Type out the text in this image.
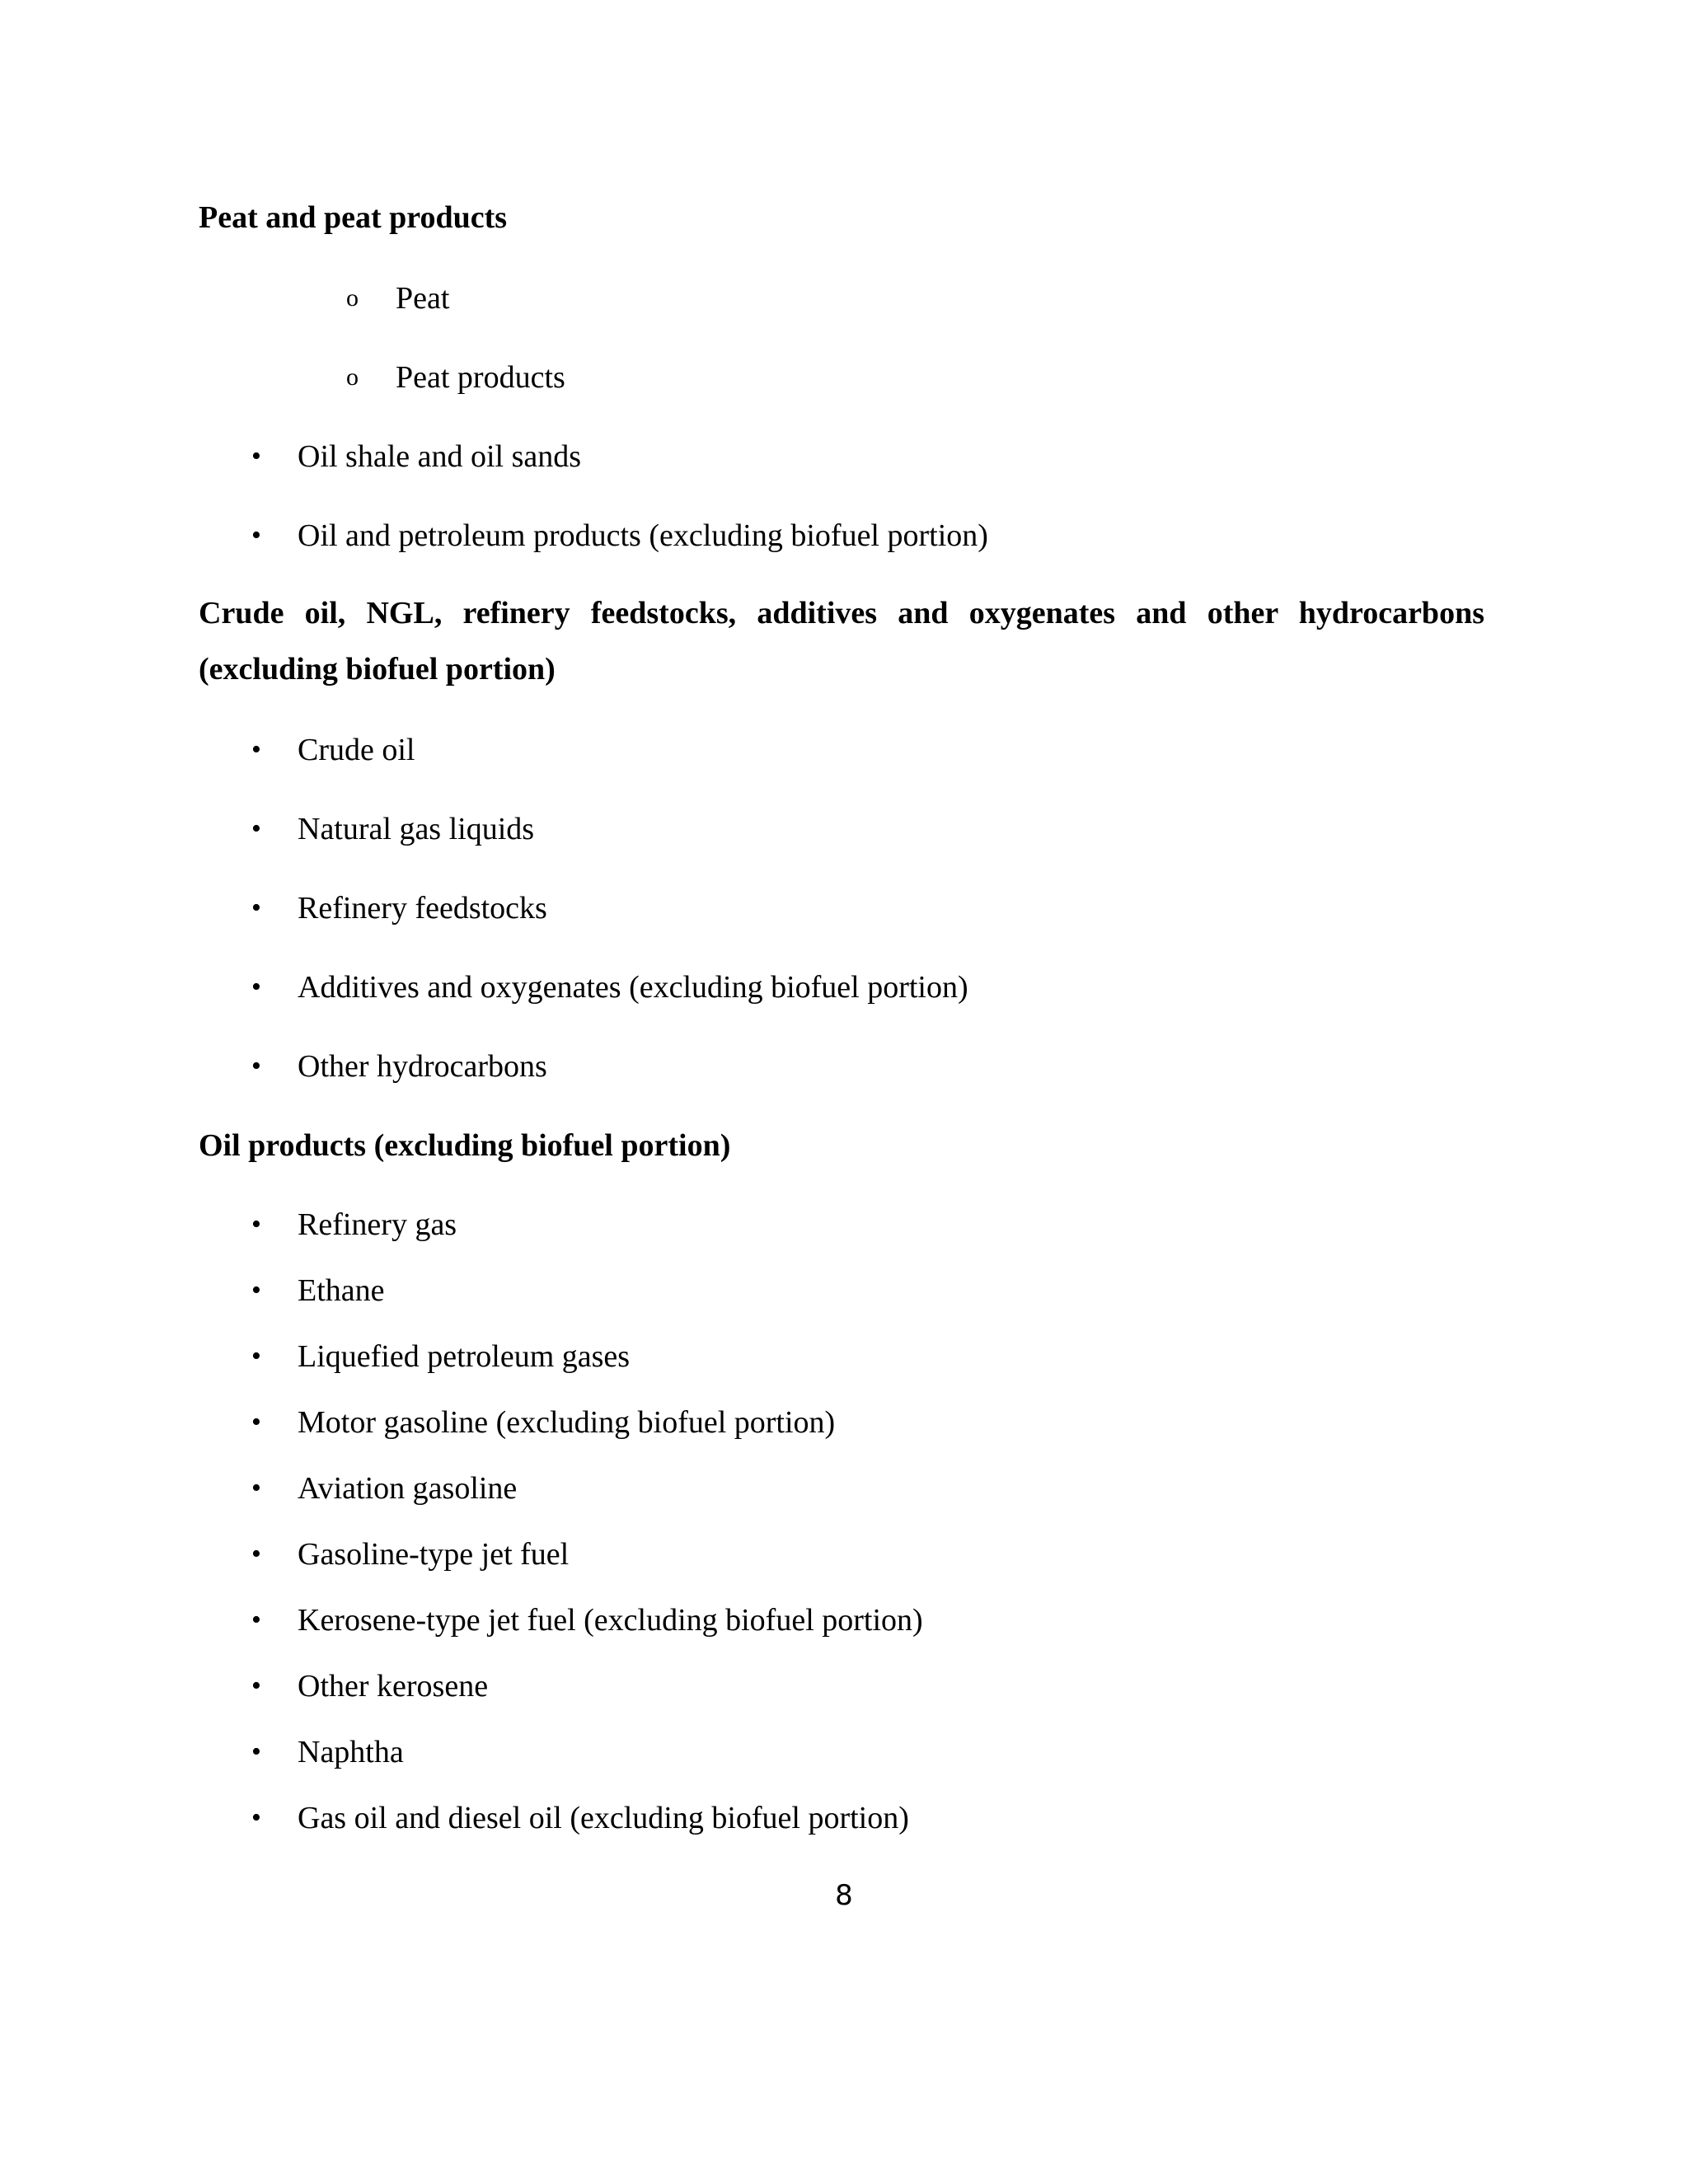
Peat and peat products
o Peat
o Peat products
• Oil shale and oil sands
• Oil and petroleum products (excluding biofuel portion)
Crude oil, NGL, refinery feedstocks, additives and oxygenates and other hydrocarbons (excluding biofuel portion)
• Crude oil
• Natural gas liquids
• Refinery feedstocks
• Additives and oxygenates (excluding biofuel portion)
• Other hydrocarbons
Oil products (excluding biofuel portion)
• Refinery gas
• Ethane
• Liquefied petroleum gases
• Motor gasoline (excluding biofuel portion)
• Aviation gasoline
• Gasoline-type jet fuel
• Kerosene-type jet fuel (excluding biofuel portion)
• Other kerosene
• Naphtha
• Gas oil and diesel oil (excluding biofuel portion)
8
